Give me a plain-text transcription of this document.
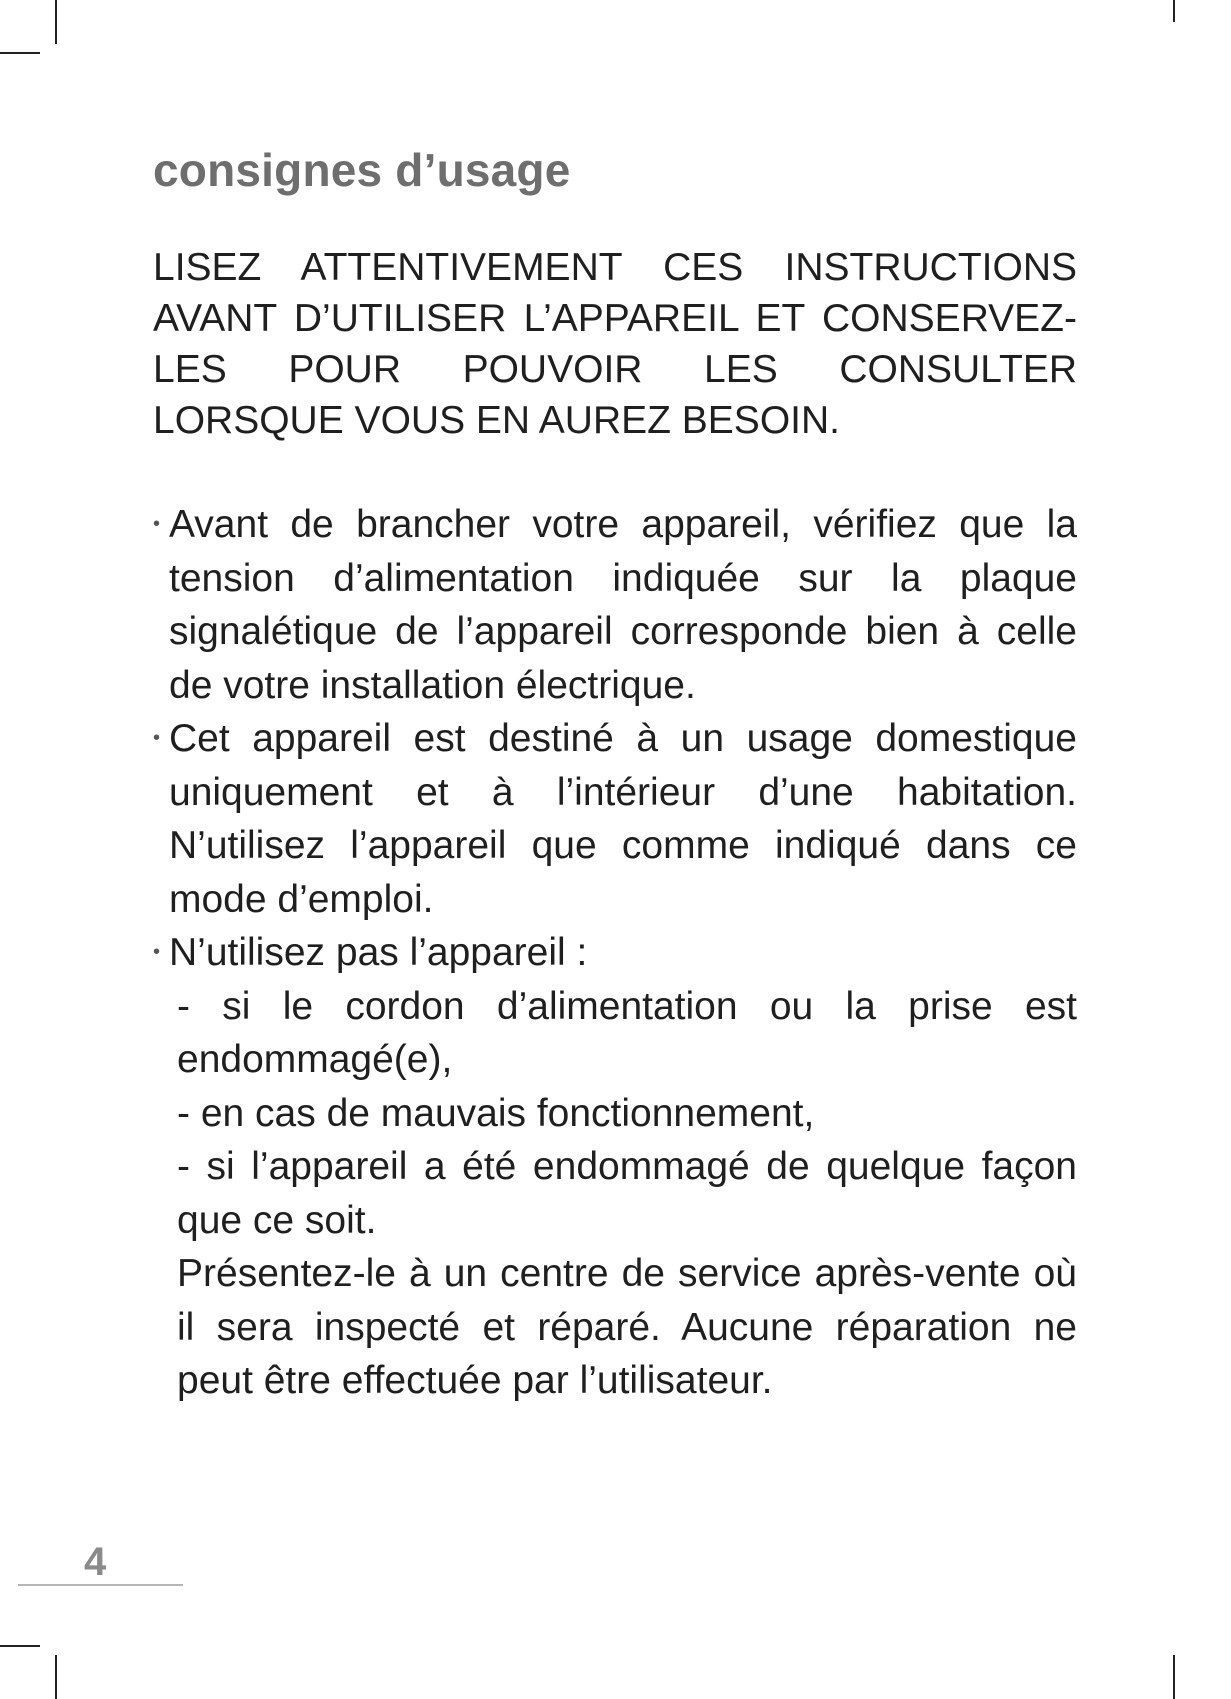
consignes d’usage

LISEZ ATTENTIVEMENT CES INSTRUCTIONS
AVANT D’UTILISER L’APPAREIL ET CONSERVEZ-
LES POUR POUVOIR LES CONSULTER
LORSQUE VOUS EN AUREZ BESOIN.

• Avant de brancher votre appareil, vérifiez que la tension d’alimentation indiquée sur la plaque signalétique de l’appareil corresponde bien à celle de votre installation électrique.
• Cet appareil est destiné à un usage domestique uniquement et à l’intérieur d’une habitation. N’utilisez l’appareil que comme indiqué dans ce mode d’emploi.
• N’utilisez pas l’appareil :
- si le cordon d’alimentation ou la prise est endommagé(e),
- en cas de mauvais fonctionnement,
- si l’appareil a été endommagé de quelque façon que ce soit.
Présentez-le à un centre de service après-vente où il sera inspecté et réparé. Aucune réparation ne peut être effectuée par l’utilisateur.
4
